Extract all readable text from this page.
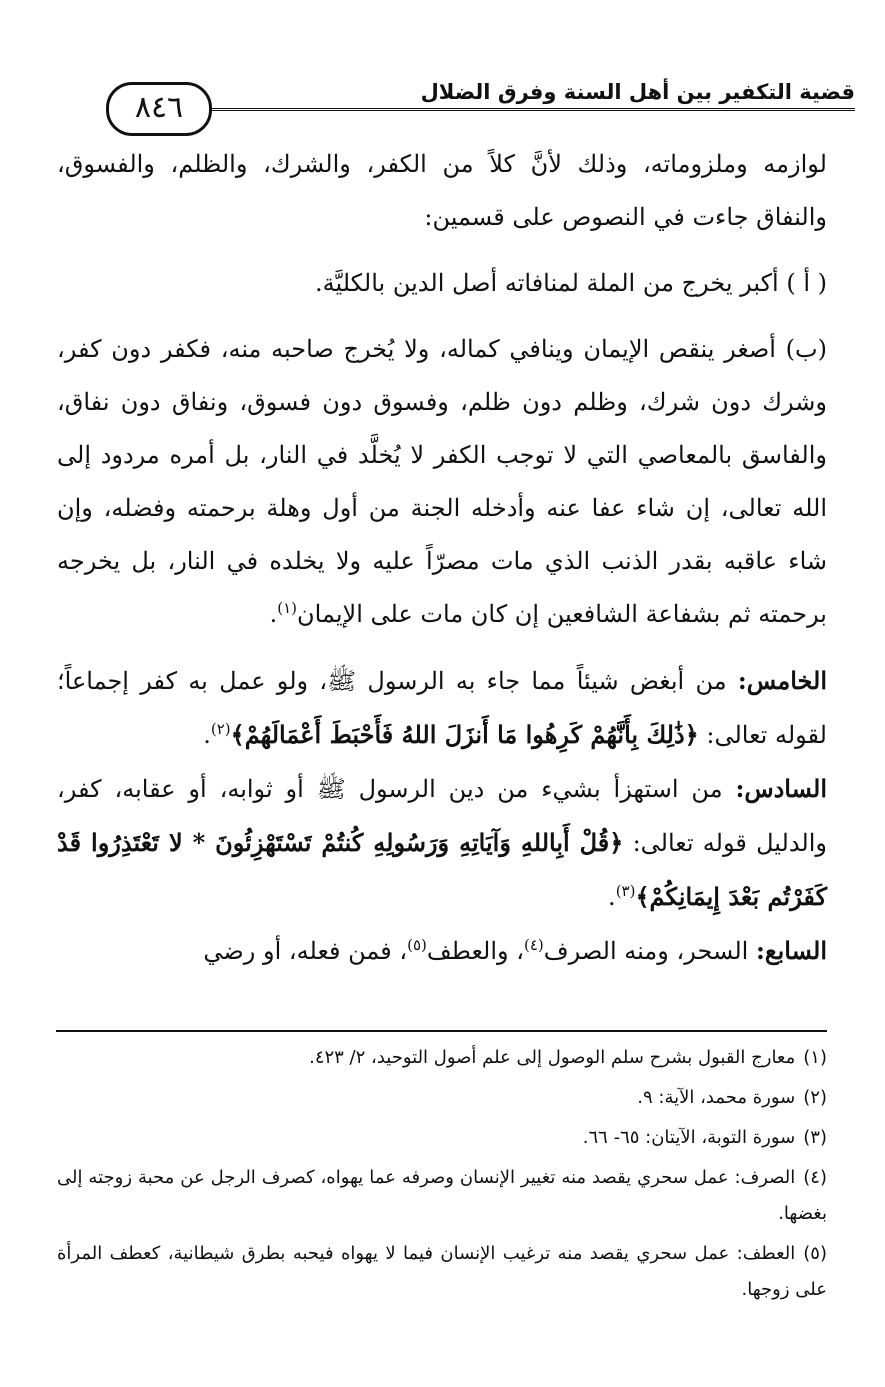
قضية التكفير بين أهل السنة وفرق الضلال
٨٤٦

لوازمه وملزوماته، وذلك لأنَّ كلاً من الكفر، والشرك، والظلم، والفسوق، والنفاق جاءت في النصوص على قسمين:

( أ ) أكبر يخرج من الملة لمنافاته أصل الدين بالكليَّة.

(ب) أصغر ينقص الإيمان وينافي كماله، ولا يُخرج صاحبه منه، فكفر دون كفر، وشرك دون شرك، وظلم دون ظلم، وفسوق دون فسوق، ونفاق دون نفاق، والفاسق بالمعاصي التي لا توجب الكفر لا يُخلَّد في النار، بل أمره مردود إلى الله تعالى، إن شاء عفا عنه وأدخله الجنة من أول وهلة برحمته وفضله، وإن شاء عاقبه بقدر الذنب الذي مات مصرّاً عليه ولا يخلده في النار، بل يخرجه برحمته ثم بشفاعة الشافعين إن كان مات على الإيمان$^{(١)}$.

الخامس: من أبغض شيئاً مما جاء به الرسول ﷺ، ولو عمل به كفر إجماعاً؛ لقوله تعالى: ﴿ذَٰلِكَ بِأَنَّهُمْ كَرِهُوا مَا أَنزَلَ اللهُ فَأَحْبَطَ أَعْمَالَهُمْ﴾$^{(٢)}$.

السادس: من استهزأ بشيء من دين الرسول ﷺ أو ثوابه، أو عقابه، كفر، والدليل قوله تعالى: ﴿قُلْ أَبِاللهِ وَآيَاتِهِ وَرَسُولِهِ كُنتُمْ تَسْتَهْزِئُونَ * لا تَعْتَذِرُوا قَدْ كَفَرْتُم بَعْدَ إِيمَانِكُمْ﴾$^{(٣)}$.

السابع: السحر، ومنه الصرف$^{(٤)}$، والعطف$^{(٥)}$، فمن فعله، أو رضي

(١)معارج القبول بشرح سلم الوصول إلى علم أصول التوحيد، ٢/ ٤٢٣.

(٢)سورة محمد، الآية: ٩.

(٣)سورة التوبة، الآيتان: ٦٥- ٦٦.

(٤)الصرف: عمل سحري يقصد منه تغيير الإنسان وصرفه عما يهواه، كصرف الرجل عن محبة زوجته إلى بغضها.

(٥)العطف: عمل سحري يقصد منه ترغيب الإنسان فيما لا يهواه فيحبه بطرق شيطانية، كعطف المرأة على زوجها.
